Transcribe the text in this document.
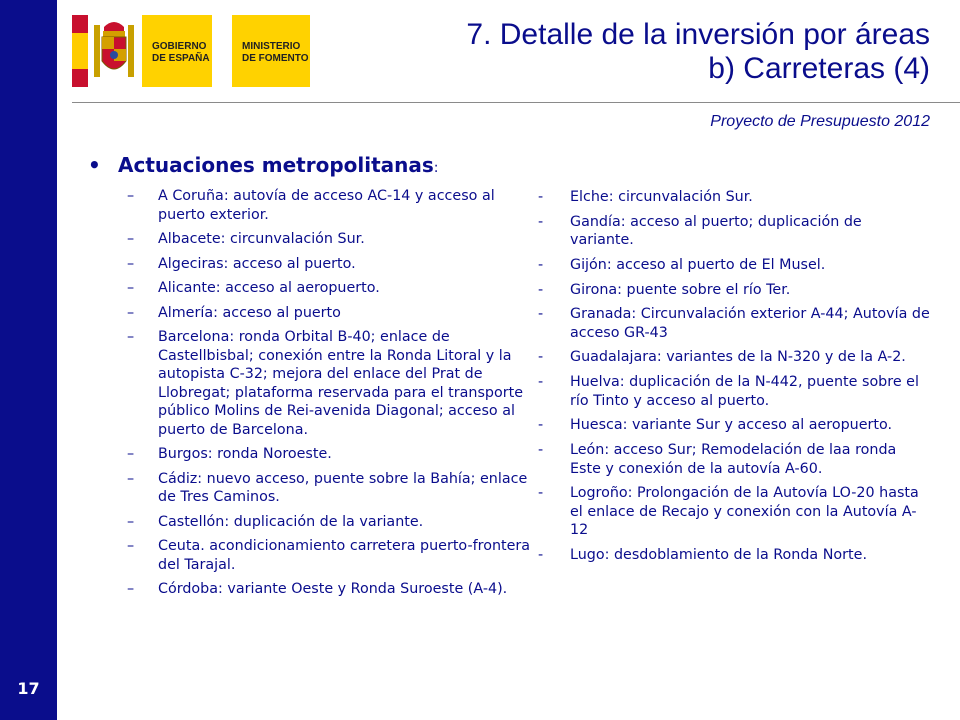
17
GOBIERNO DE ESPAÑA
MINISTERIO DE FOMENTO
7. Detalle de la inversión por áreas
b) Carreteras (4)
Proyecto de Presupuesto 2012
• Actuaciones metropolitanas :
–	A Coruña: autovía de acceso AC-14 y acceso al puerto exterior.
–	Albacete: circunvalación Sur.
–	Algeciras: acceso al puerto.
–	Alicante: acceso al aeropuerto.
–	Almería: acceso al puerto
–	Barcelona: ronda Orbital B-40; enlace de Castellbisbal; conexión entre la Ronda Litoral y la autopista C-32; mejora del enlace del Prat de Llobregat; plataforma reservada para el transporte público Molins de Rei-avenida Diagonal; acceso al puerto de Barcelona.
–	Burgos: ronda Noroeste.
–	Cádiz: nuevo acceso, puente sobre la Bahía; enlace de Tres Caminos.
–	Castellón: duplicación de la variante.
–	Ceuta. acondicionamiento carretera puerto-frontera del Tarajal.
–	Córdoba: variante Oeste y Ronda Suroeste (A-4).
-	Elche: circunvalación Sur.
-	Gandía: acceso al puerto; duplicación de variante.
-	Gijón: acceso al puerto de El Musel.
-	Girona: puente sobre el río Ter.
-	Granada: Circunvalación exterior A-44; Autovía de acceso GR-43
-	Guadalajara: variantes de la N-320 y de la A-2.
-	Huelva: duplicación de la N-442, puente sobre el río Tinto y acceso al puerto.
-	Huesca: variante Sur y acceso al aeropuerto.
-	León: acceso Sur; Remodelación de laa ronda Este y conexión de la autovía A-60.
-	Logroño: Prolongación de la Autovía LO-20 hasta el enlace de Recajo y conexión con la Autovía A-12
-	Lugo: desdoblamiento de la Ronda Norte.
